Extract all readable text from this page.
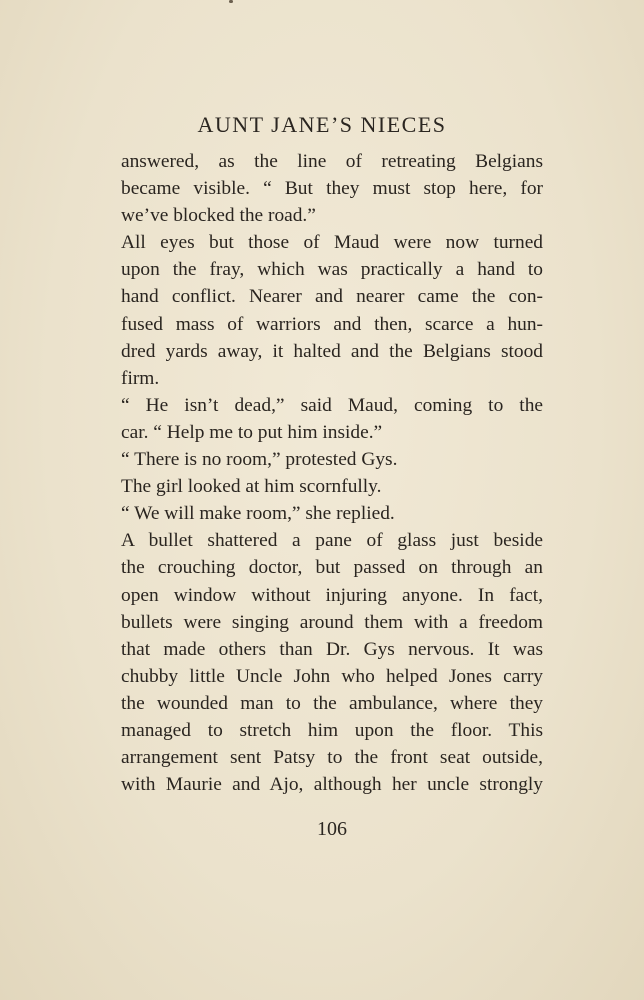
AUNT JANE’S NIECES
answered, as the line of retreating Belgians
became visible. “ But they must stop here, for
we’ve blocked the road.”
All eyes but those of Maud were now turned
upon the fray, which was practically a hand to
hand conflict. Nearer and nearer came the con-
fused mass of warriors and then, scarce a hun-
dred yards away, it halted and the Belgians stood
firm.
“ He isn’t dead,” said Maud, coming to the
car. “ Help me to put him inside.”
“ There is no room,” protested Gys.
The girl looked at him scornfully.
“ We will make room,” she replied.
A bullet shattered a pane of glass just beside
the crouching doctor, but passed on through an
open window without injuring anyone. In fact,
bullets were singing around them with a freedom
that made others than Dr. Gys nervous. It was
chubby little Uncle John who helped Jones carry
the wounded man to the ambulance, where they
managed to stretch him upon the floor. This
arrangement sent Patsy to the front seat outside,
with Maurie and Ajo, although her uncle strongly
106
